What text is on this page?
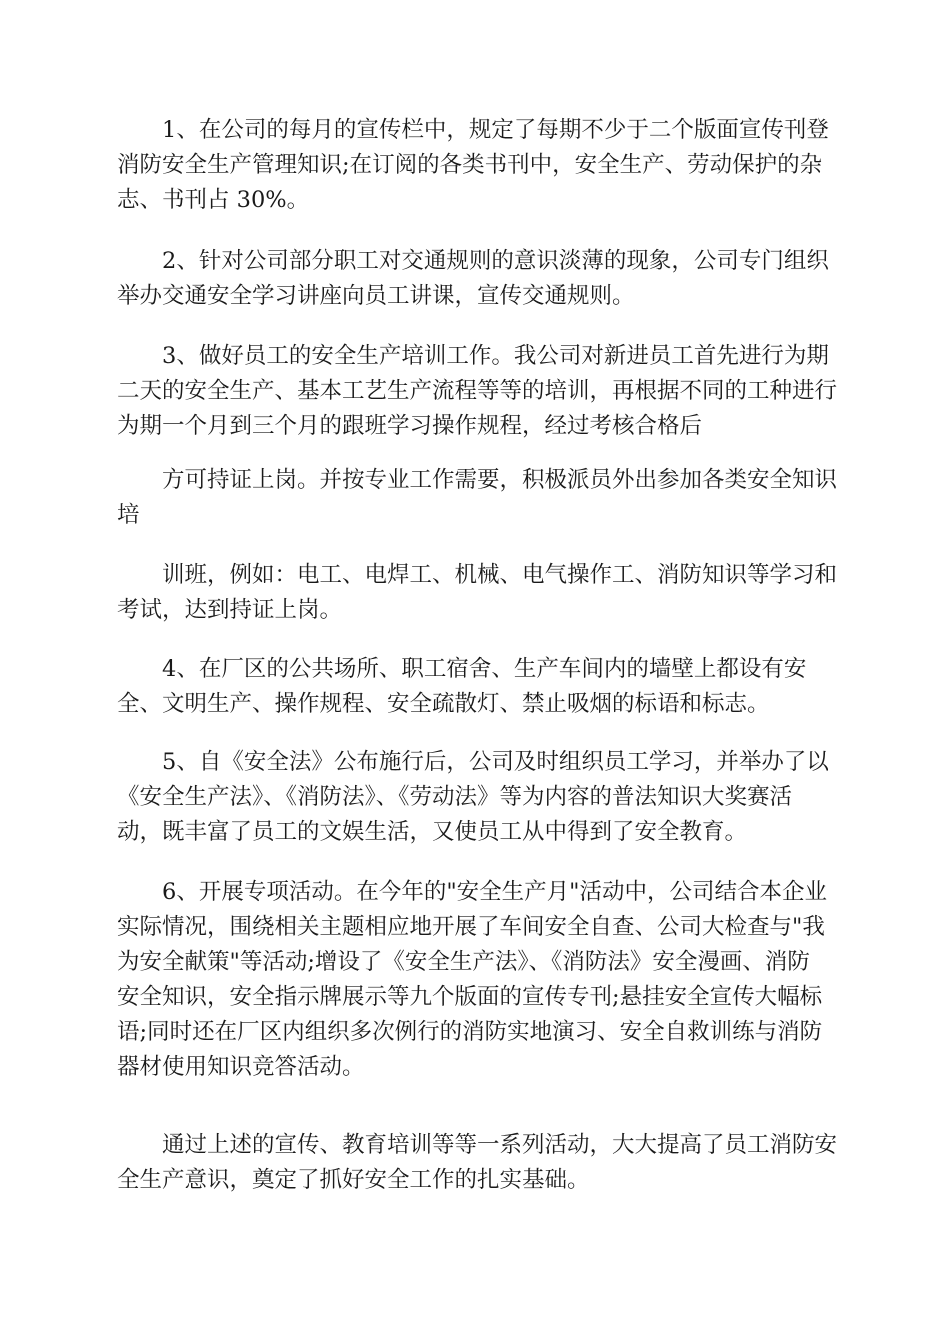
1、在公司的每月的宣传栏中，规定了每期不少于二个版面宣传刊登
消防安全生产管理知识;在订阅的各类书刊中，安全生产、劳动保护的杂
志、书刊占 30%。
2、针对公司部分职工对交通规则的意识淡薄的现象，公司专门组织
举办交通安全学习讲座向员工讲课，宣传交通规则。
3、做好员工的安全生产培训工作。我公司对新进员工首先进行为期
二天的安全生产、基本工艺生产流程等等的培训，再根据不同的工种进行
为期一个月到三个月的跟班学习操作规程，经过考核合格后
方可持证上岗。并按专业工作需要，积极派员外出参加各类安全知识
培
训班，例如：电工、电焊工、机械、电气操作工、消防知识等学习和
考试，达到持证上岗。
4、在厂区的公共场所、职工宿舍、生产车间内的墙壁上都设有安
全、文明生产、操作规程、安全疏散灯、禁止吸烟的标语和标志。
5、自《安全法》公布施行后，公司及时组织员工学习，并举办了以
《安全生产法》、《消防法》、《劳动法》等为内容的普法知识大奖赛活
动，既丰富了员工的文娱生活，又使员工从中得到了安全教育。
6、开展专项活动。在今年的"安全生产月"活动中，公司结合本企业
实际情况，围绕相关主题相应地开展了车间安全自查、公司大检查与"我
为安全献策"等活动;增设了《安全生产法》、《消防法》安全漫画、消防
安全知识，安全指示牌展示等九个版面的宣传专刊;悬挂安全宣传大幅标
语;同时还在厂区内组织多次例行的消防实地演习、安全自救训练与消防
器材使用知识竞答活动。
通过上述的宣传、教育培训等等一系列活动，大大提高了员工消防安
全生产意识，奠定了抓好安全工作的扎实基础。
